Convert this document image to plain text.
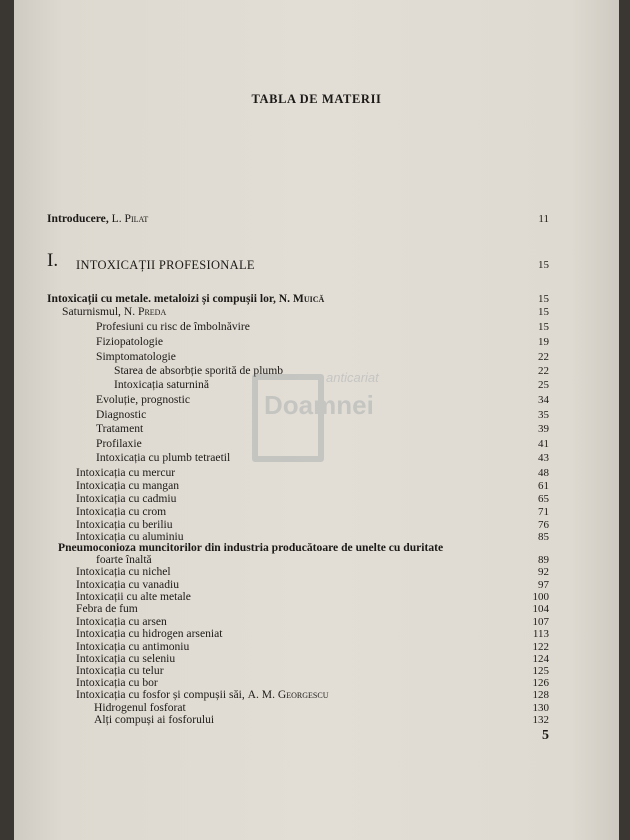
TABLA DE MATERII
Introducere, L. Pilat	11
I. INTOXICAȚII PROFESIONALE	15
Intoxicații cu metale. metaloizi și compușii lor, N. Muică	15
Saturnismul, N. Preda	15
Profesiuni cu risc de îmbolnăvire	15
Fiziopatologie	19
Simptomatologie	22
Starea de absorbție sporită de plumb	22
Intoxicația saturnină	25
Evoluție, prognostic	34
Diagnostic	35
Tratament	39
Profilaxie	41
Intoxicația cu plumb tetraetil	43
Intoxicația cu mercur	48
Intoxicația cu mangan	61
Intoxicația cu cadmiu	65
Intoxicația cu crom	71
Intoxicația cu beriliu	76
Intoxicația cu aluminiu	85
Pneumoconioza muncitorilor din industria producătoare de unelte cu duritate
foarte înaltă	89
Intoxicația cu nichel	92
Intoxicația cu vanadiu	97
Intoxicații cu alte metale	100
Febra de fum	104
Intoxicația cu arsen	107
Intoxicația cu hidrogen arseniat	113
Intoxicația cu antimoniu	122
Intoxicația cu seleniu	124
Intoxicația cu telur	125
Intoxicația cu bor	126
Intoxicația cu fosfor și compușii săi, A. M. Georgescu	128
Hidrogenul fosforat	130
Alți compuși ai fosforului	132
5
anticariat
Doamnei
